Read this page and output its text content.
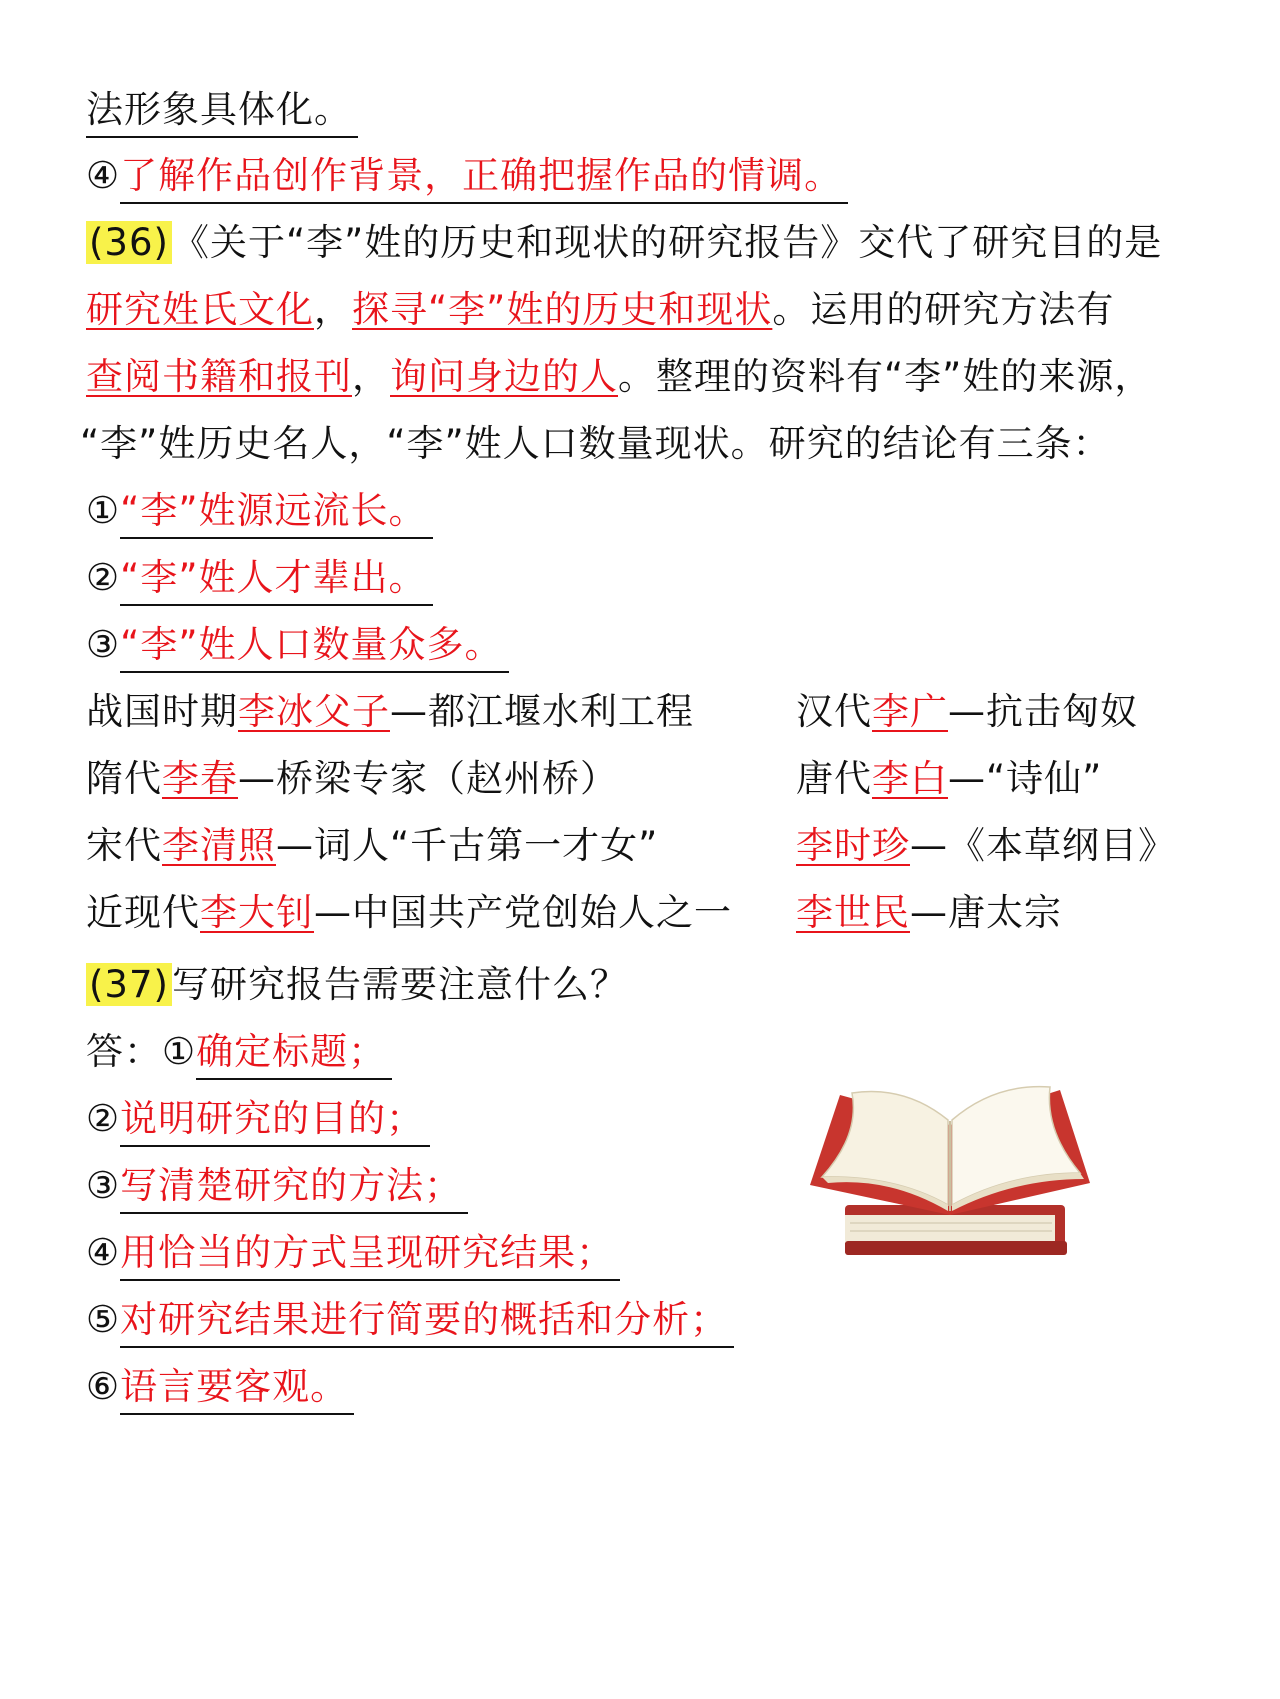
法形象具体化。
④了解作品创作背景，正确把握作品的情调。
(36)《关于“李”姓的历史和现状的研究报告》交代了研究目的是
研究姓氏文化，探寻“李”姓的历史和现状。运用的研究方法有
查阅书籍和报刊，询问身边的人。整理的资料有“李”姓的来源，
“李”姓历史名人，“李”姓人口数量现状。研究的结论有三条：
①“李”姓源远流长。
②“李”姓人才辈出。
③“李”姓人口数量众多。
战国时期李冰父子—都江堰水利工程
隋代李春—桥梁专家（赵州桥）
宋代李清照—词人“千古第一才女”
近现代李大钊—中国共产党创始人之一
汉代李广—抗击匈奴
唐代李白—“诗仙”
李时珍—《本草纲目》
李世民—唐太宗
(37)写研究报告需要注意什么？
答：①确定标题；
②说明研究的目的；
③写清楚研究的方法；
④用恰当的方式呈现研究结果；
⑤对研究结果进行简要的概括和分析；
⑥语言要客观。
